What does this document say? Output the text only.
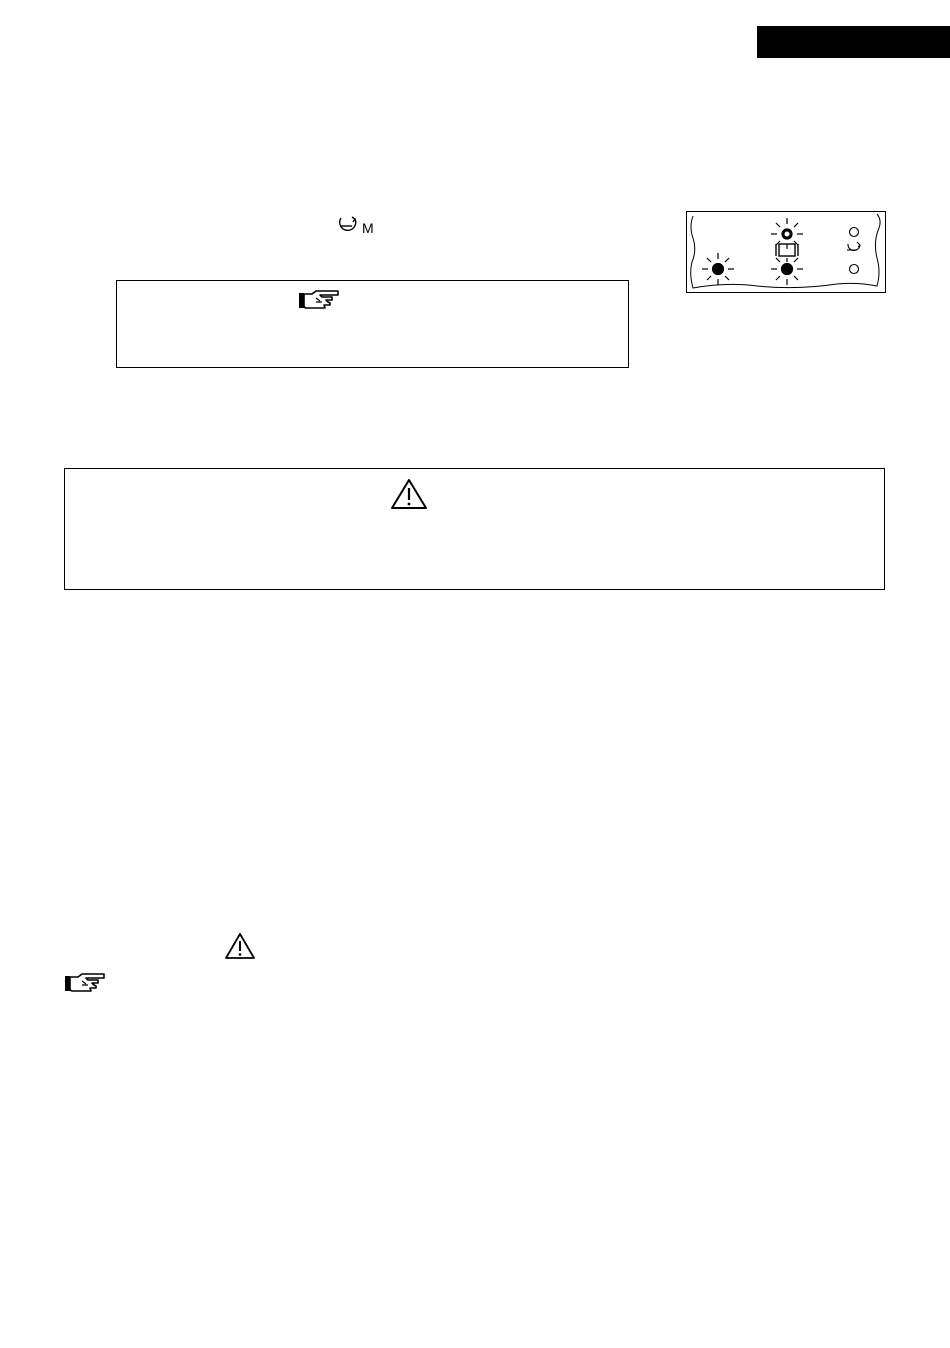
M
